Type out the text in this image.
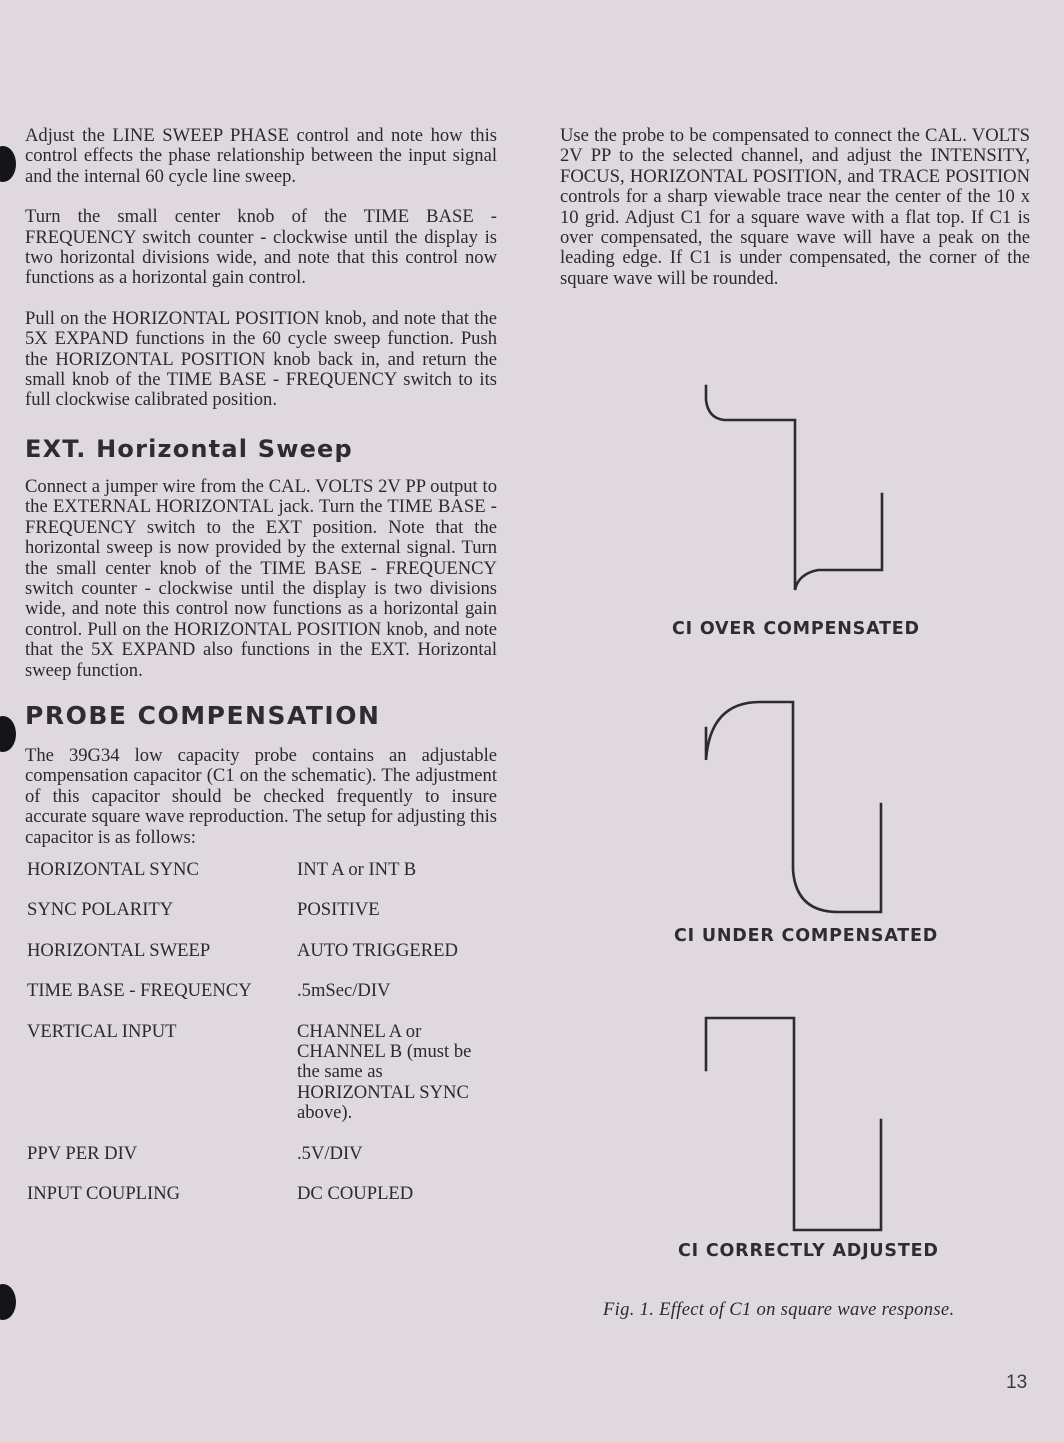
Adjust the LINE SWEEP PHASE control and note how this control effects the phase relationship between the input signal and the internal 60 cycle line sweep.

Turn the small center knob of the TIME BASE - FREQUENCY switch counter - clockwise until the display is two horizontal divisions wide, and note that this control now functions as a horizontal gain control.

Pull on the HORIZONTAL POSITION knob, and note that the 5X EXPAND functions in the 60 cycle sweep function. Push the HORIZONTAL POSITION knob back in, and return the small knob of the TIME BASE - FREQUENCY switch to its full clockwise calibrated position.

EXT. Horizontal Sweep

Connect a jumper wire from the CAL. VOLTS 2V PP output to the EXTERNAL HORIZONTAL jack. Turn the TIME BASE - FREQUENCY switch to the EXT position. Note that the horizontal sweep is now provided by the external signal. Turn the small center knob of the TIME BASE - FREQUENCY switch counter - clockwise until the display is two divisions wide, and note this control now functions as a horizontal gain control. Pull on the HORIZONTAL POSITION knob, and note that the 5X EXPAND also functions in the EXT. Horizontal sweep function.

PROBE COMPENSATION

The 39G34 low capacity probe contains an adjustable compensation capacitor (C1 on the schematic). The adjustment of this capacitor should be checked frequently to insure accurate square wave reproduction. The setup for adjusting this capacitor is as follows:

HORIZONTAL SYNC	INT A or INT B
SYNC POLARITY	POSITIVE
HORIZONTAL SWEEP	AUTO TRIGGERED
TIME BASE - FREQUENCY	.5mSec/DIV
VERTICAL INPUT	CHANNEL A or CHANNEL B (must be the same as HORIZONTAL SYNC above).
PPV PER DIV	.5V/DIV
INPUT COUPLING	DC COUPLED

Use the probe to be compensated to connect the CAL. VOLTS 2V PP to the selected channel, and adjust the INTENSITY, FOCUS, HORIZONTAL POSITION, and TRACE POSITION controls for a sharp viewable trace near the center of the 10 x 10 grid. Adjust C1 for a square wave with a flat top. If C1 is over compensated, the square wave will have a peak on the leading edge. If C1 is under compensated, the corner of the square wave will be rounded.

CI OVER COMPENSATED
CI UNDER COMPENSATED
CI CORRECTLY ADJUSTED
Fig. 1. Effect of C1 on square wave response.
13
